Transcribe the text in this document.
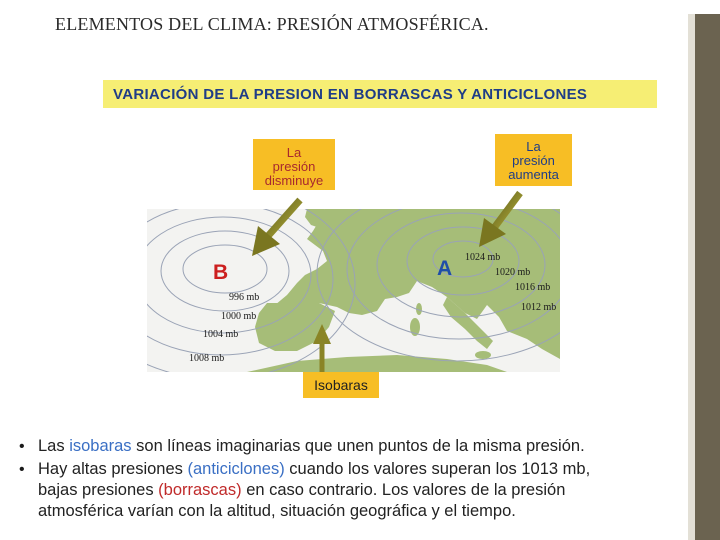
ELEMENTOS DEL CLIMA: PRESIÓN ATMOSFÉRICA.
VARIACIÓN DE LA PRESION EN BORRASCAS Y ANTICICLONES
B	A
996 mb
1000 mb
1004 mb
1008 mb
1024 mb
1020 mb
1016 mb
1012 mb
La
presión
disminuye
La
presión
aumenta
Isobaras
• Las isobaras son líneas imaginarias que unen puntos de la misma presión.
• Hay altas presiones (anticiclones) cuando los valores superan los 1013 mb,
bajas presiones (borrascas) en caso contrario. Los valores de la presión
atmosférica varían con la altitud, situación geográfica y el tiempo.
